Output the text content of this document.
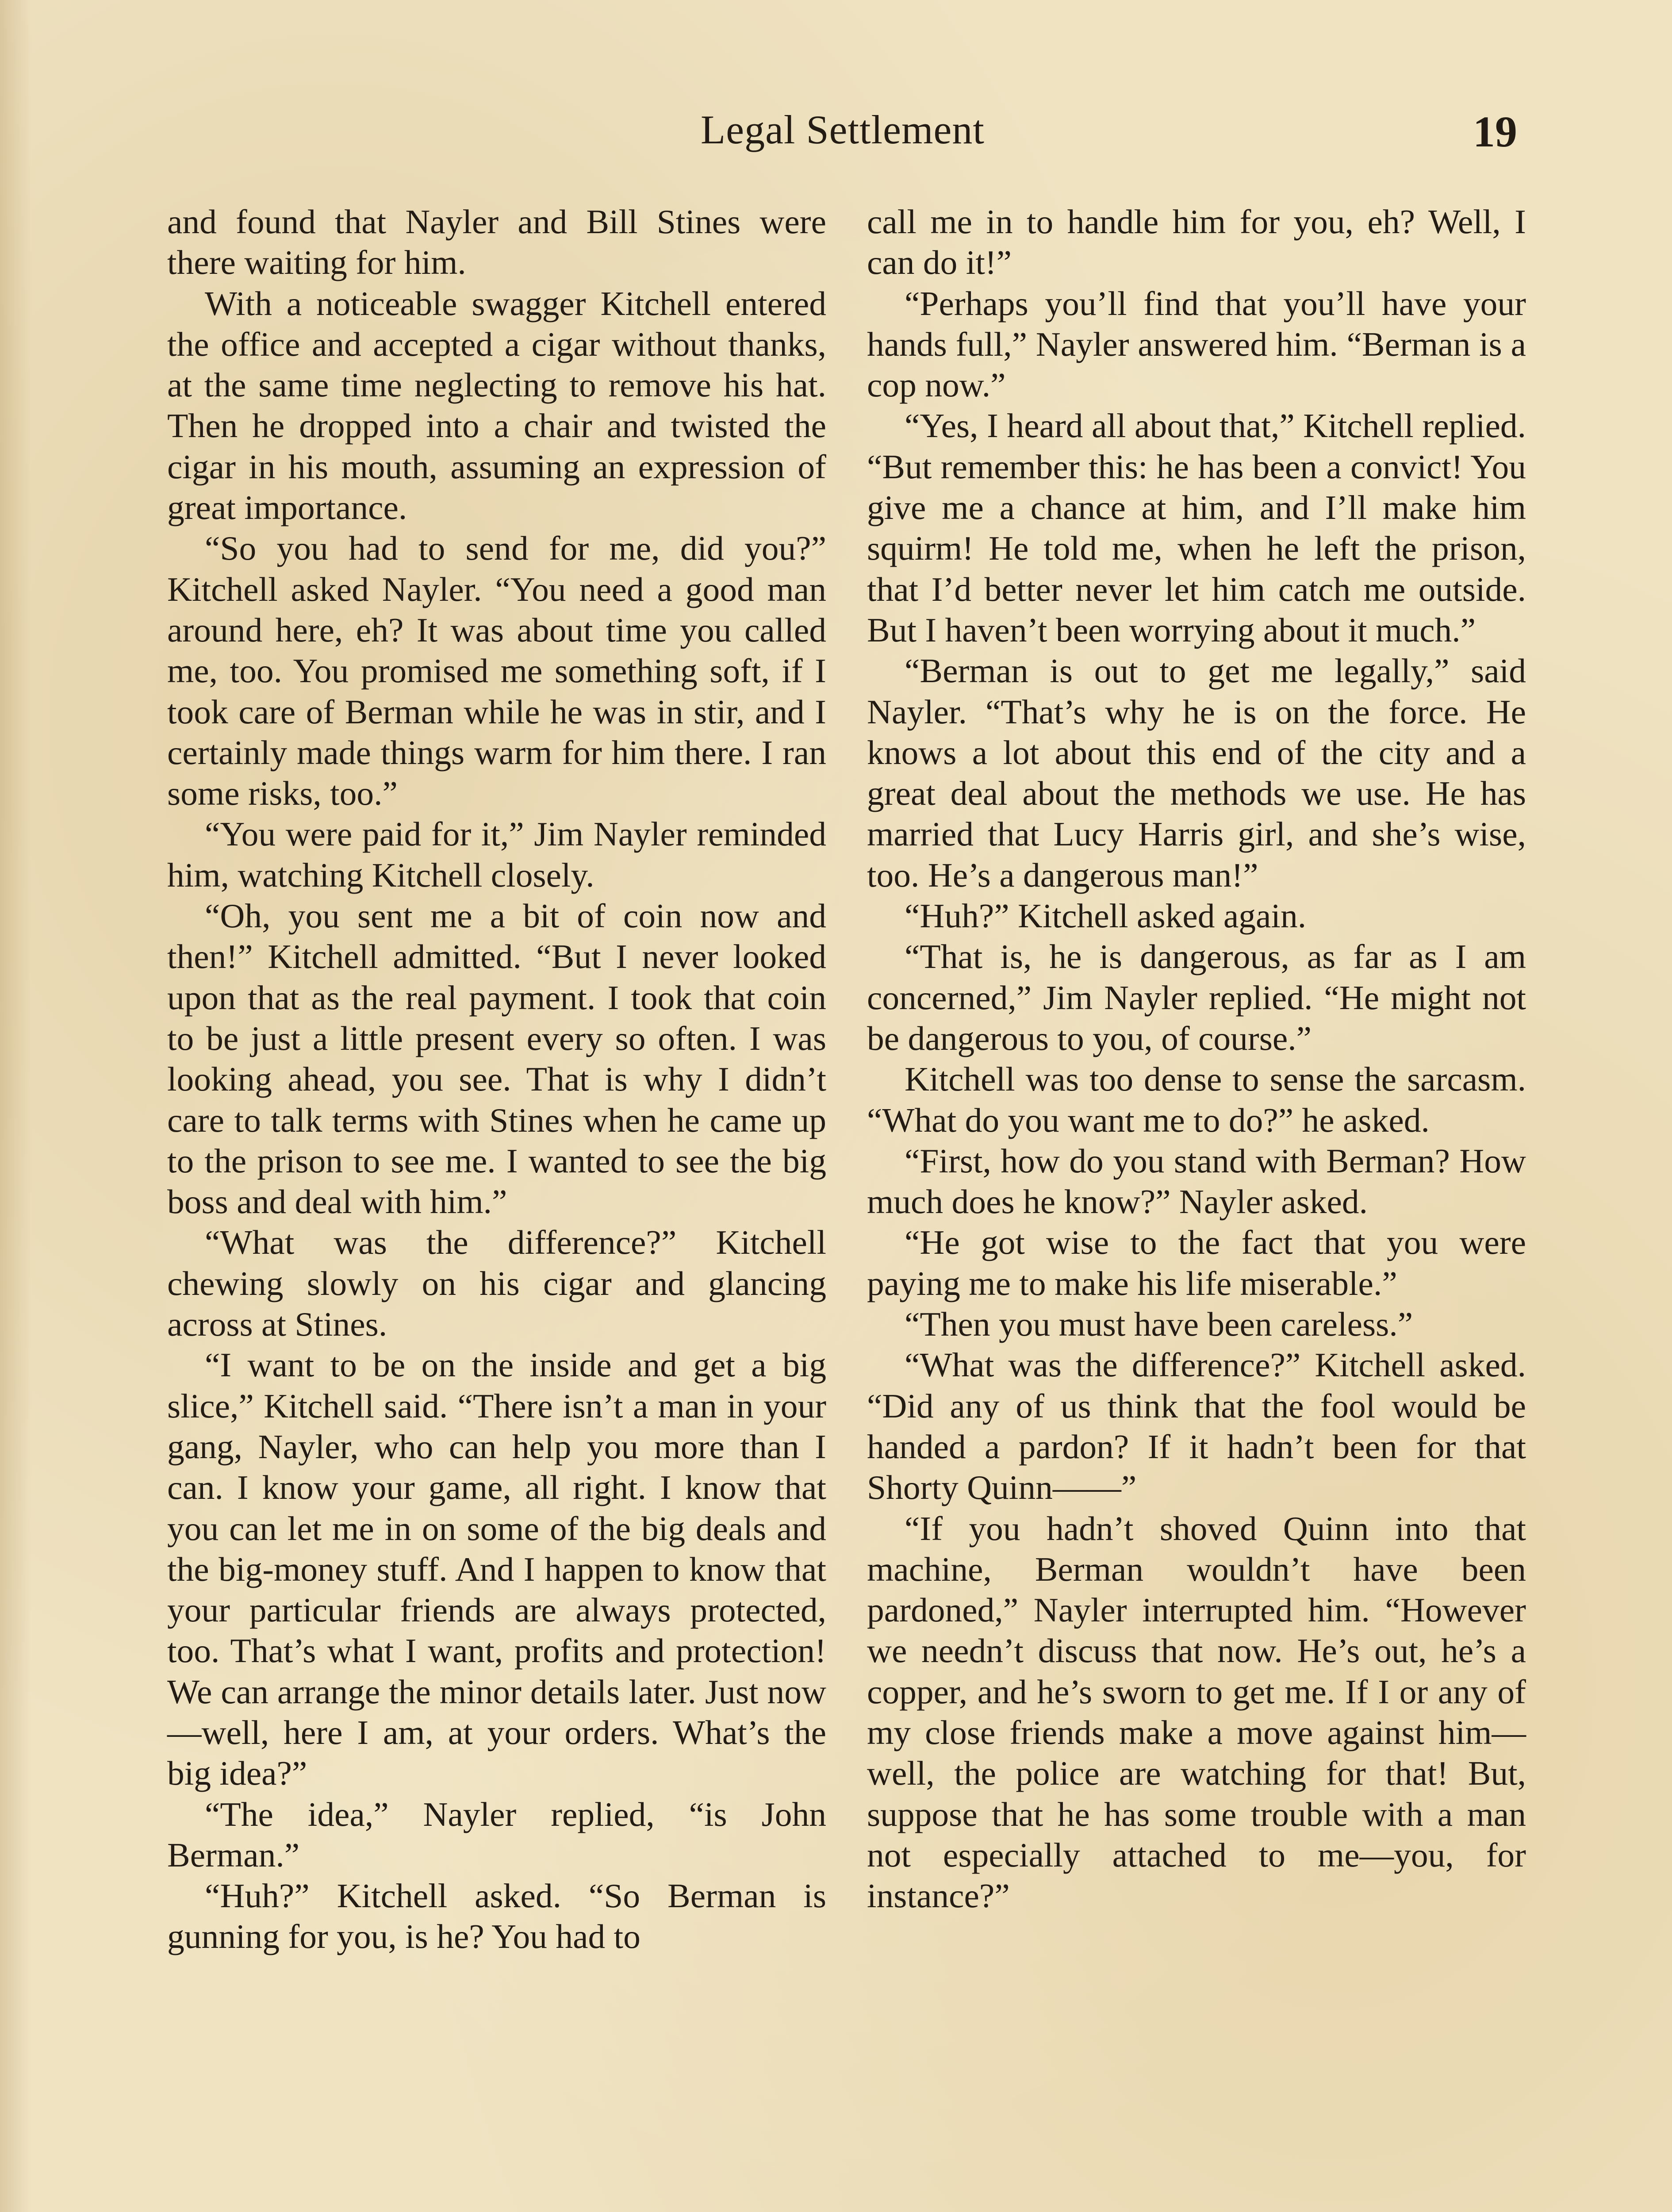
Legal Settlement	19

and found that Nayler and Bill Stines were there waiting for him.

With a noticeable swagger Kitchell entered the office and accepted a cigar without thanks, at the same time neglecting to remove his hat. Then he dropped into a chair and twisted the cigar in his mouth, assuming an expression of great importance.

“So you had to send for me, did you?” Kitchell asked Nayler. “You need a good man around here, eh? It was about time you called me, too. You promised me something soft, if I took care of Berman while he was in stir, and I certainly made things warm for him there. I ran some risks, too.”

“You were paid for it,” Jim Nayler reminded him, watching Kitchell closely.

“Oh, you sent me a bit of coin now and then!” Kitchell admitted. “But I never looked upon that as the real payment. I took that coin to be just a little present every so often. I was looking ahead, you see. That is why I didn’t care to talk terms with Stines when he came up to the prison to see me. I wanted to see the big boss and deal with him.”

“What was the difference?” Kitchell chewing slowly on his cigar and glancing across at Stines.

“I want to be on the inside and get a big slice,” Kitchell said. “There isn’t a man in your gang, Nayler, who can help you more than I can. I know your game, all right. I know that you can let me in on some of the big deals and the big-money stuff. And I happen to know that your particular friends are always protected, too. That’s what I want, profits and protection! We can arrange the minor details later. Just now—well, here I am, at your orders. What’s the big idea?”

“The idea,” Nayler replied, “is John Berman.”

“Huh?” Kitchell asked. “So Berman is gunning for you, is he? You had to

call me in to handle him for you, eh? Well, I can do it!”

“Perhaps you’ll find that you’ll have your hands full,” Nayler answered him. “Berman is a cop now.”

“Yes, I heard all about that,” Kitchell replied. “But remember this: he has been a convict! You give me a chance at him, and I’ll make him squirm! He told me, when he left the prison, that I’d better never let him catch me outside. But I haven’t been worrying about it much.”

“Berman is out to get me legally,” said Nayler. “That’s why he is on the force. He knows a lot about this end of the city and a great deal about the methods we use. He has married that Lucy Harris girl, and she’s wise, too. He’s a dangerous man!”

“Huh?” Kitchell asked again.

“That is, he is dangerous, as far as I am concerned,” Jim Nayler replied. “He might not be dangerous to you, of course.”

Kitchell was too dense to sense the sarcasm. “What do you want me to do?” he asked.

“First, how do you stand with Berman? How much does he know?” Nayler asked.

“He got wise to the fact that you were paying me to make his life miserable.”

“Then you must have been careless.”

“What was the difference?” Kitchell asked. “Did any of us think that the fool would be handed a pardon? If it hadn’t been for that Shorty Quinn——”

“If you hadn’t shoved Quinn into that machine, Berman wouldn’t have been pardoned,” Nayler interrupted him. “However we needn’t discuss that now. He’s out, he’s a copper, and he’s sworn to get me. If I or any of my close friends make a move against him—well, the police are watching for that! But, suppose that he has some trouble with a man not especially attached to me—you, for instance?”
